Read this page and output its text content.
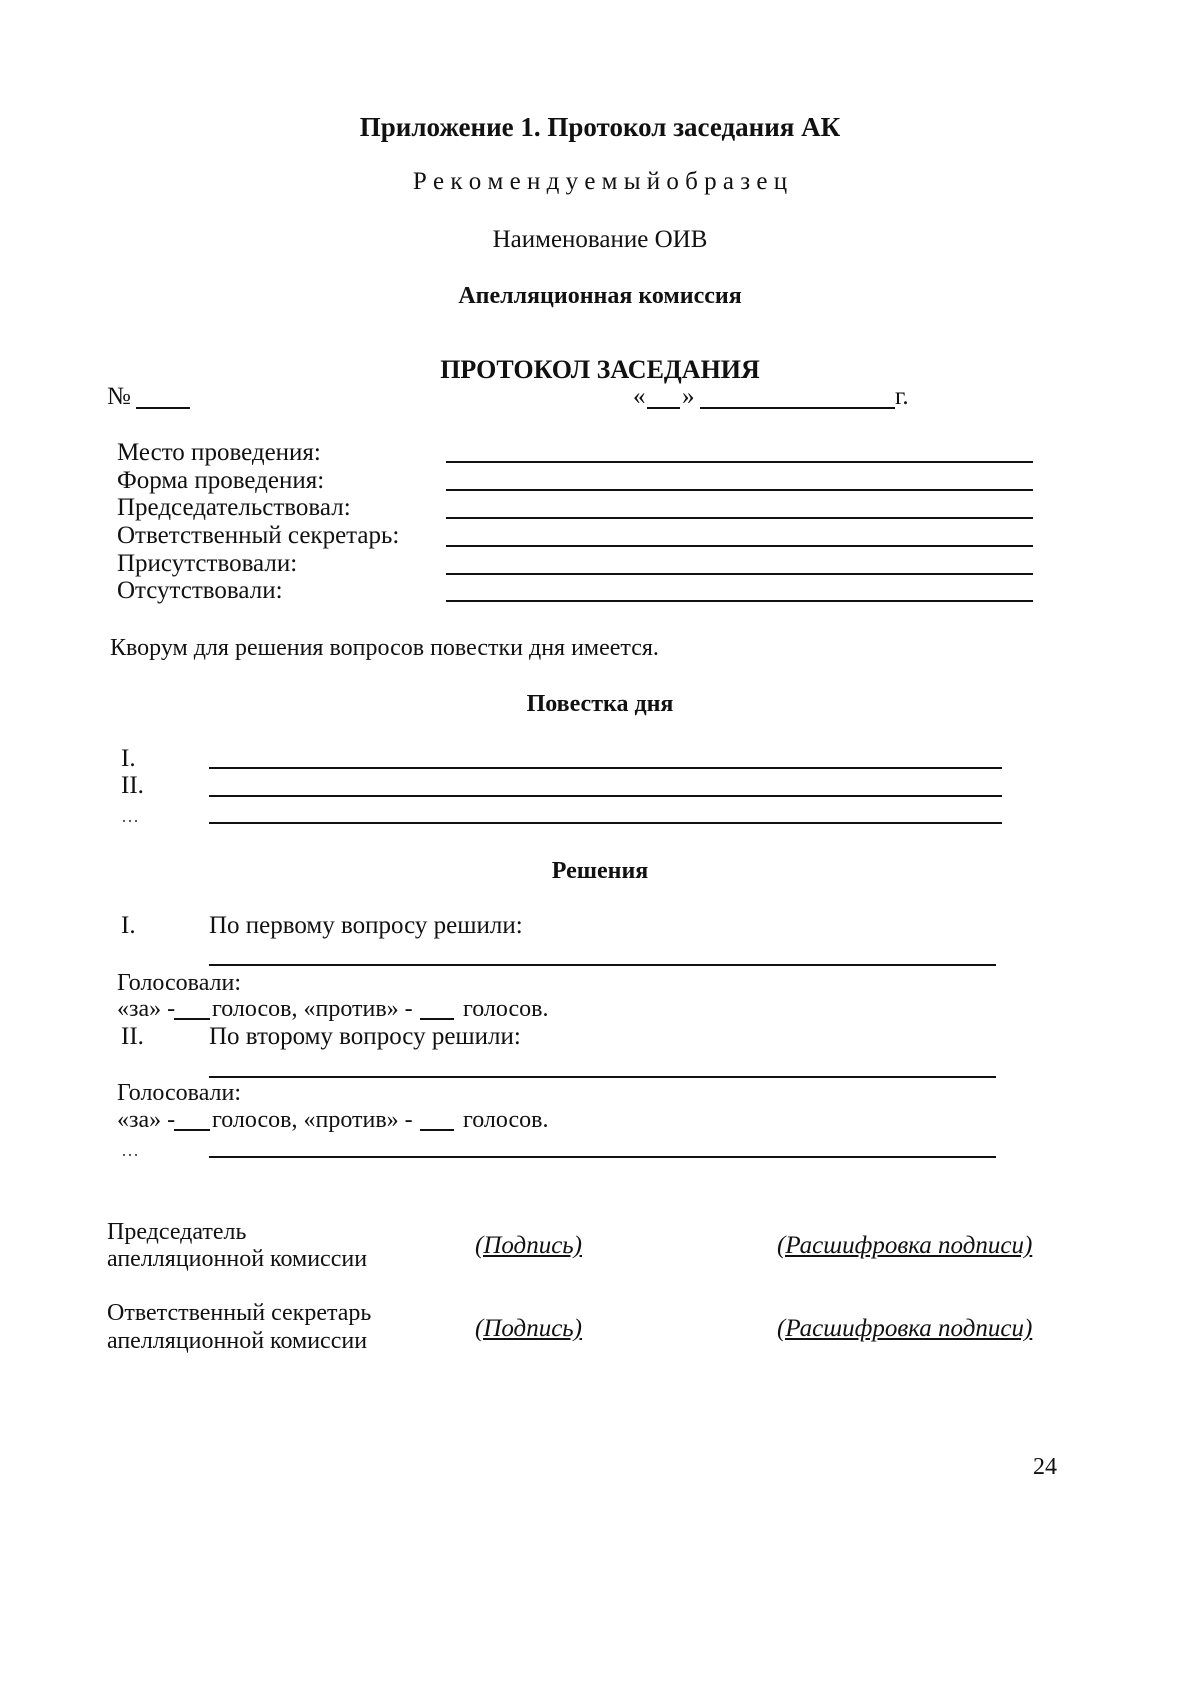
Приложение 1. Протокол заседания АК
Р е к о м е н д у е м ы й о б р а з е ц
Наименование ОИВ
Апелляционная комиссия
ПРОТОКОЛ ЗАСЕДАНИЯ
№	« »	г.
Место проведения:
Форма проведения:
Председательствовал:
Ответственный секретарь:
Присутствовали:
Отсутствовали:
Кворум для решения вопросов повестки дня имеется.
Повестка дня
I.
II.
…
Решения
I.	По первому вопросу решили:
Голосовали:
«за» - голосов, «против» - голосов.
II.	По второму вопросу решили:
Голосовали:
«за» - голосов, «против» - голосов.
…
Председатель
апелляционной комиссии	(Подпись)	(Расшифровка подписи)
Ответственный секретарь
апелляционной комиссии	(Подпись)	(Расшифровка подписи)
24
